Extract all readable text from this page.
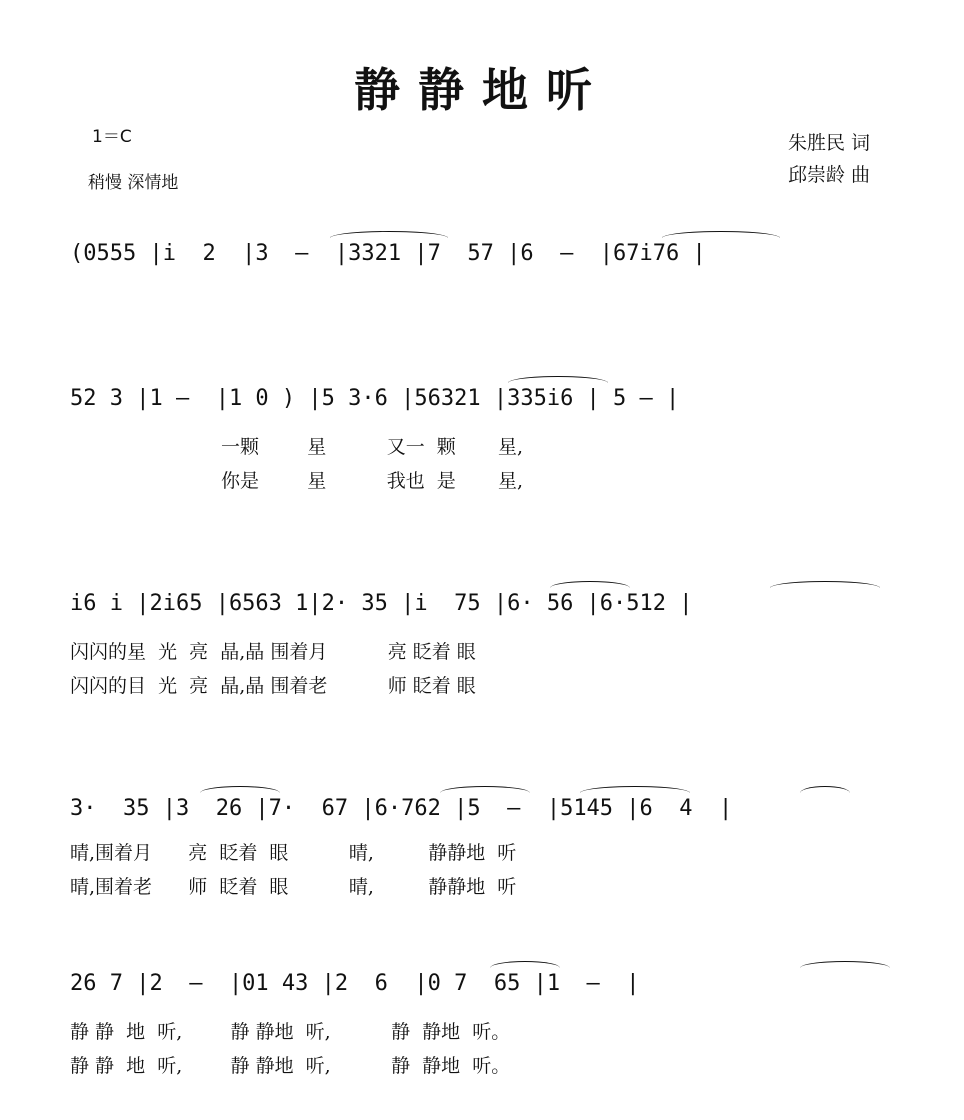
静静地听
1＝C
稍慢 深情地
朱胜民 词
邱崇龄 曲
(0555 |i  2  |3  –  |3321 |7  57 |6  –  |67i76 |
52 3 |1 –  |1 0 ) |5 3·6 |56321 |335i6 | 5 – |
一颗        星          又一  颗       星,
你是        星          我也  是       星,
i6 i |2i65 |6563 1|2· 35 |i  75 |6· 56 |6·512 |
闪闪的星  光  亮  晶,晶 围着月          亮 眨着 眼
闪闪的目  光  亮  晶,晶 围着老          师 眨着 眼
3·  35 |3  26 |7·  67 |6·762 |5  –  |5145 |6  4  |
晴,围着月      亮  眨着  眼          晴,         静静地  听
晴,围着老      师  眨着  眼          晴,         静静地  听
26 7 |2  –  |01 43 |2  6  |0 7  65 |1  –  |
静 静  地  听,        静 静地  听,          静  静地  听。
静 静  地  听,        静 静地  听,          静  静地  听。
